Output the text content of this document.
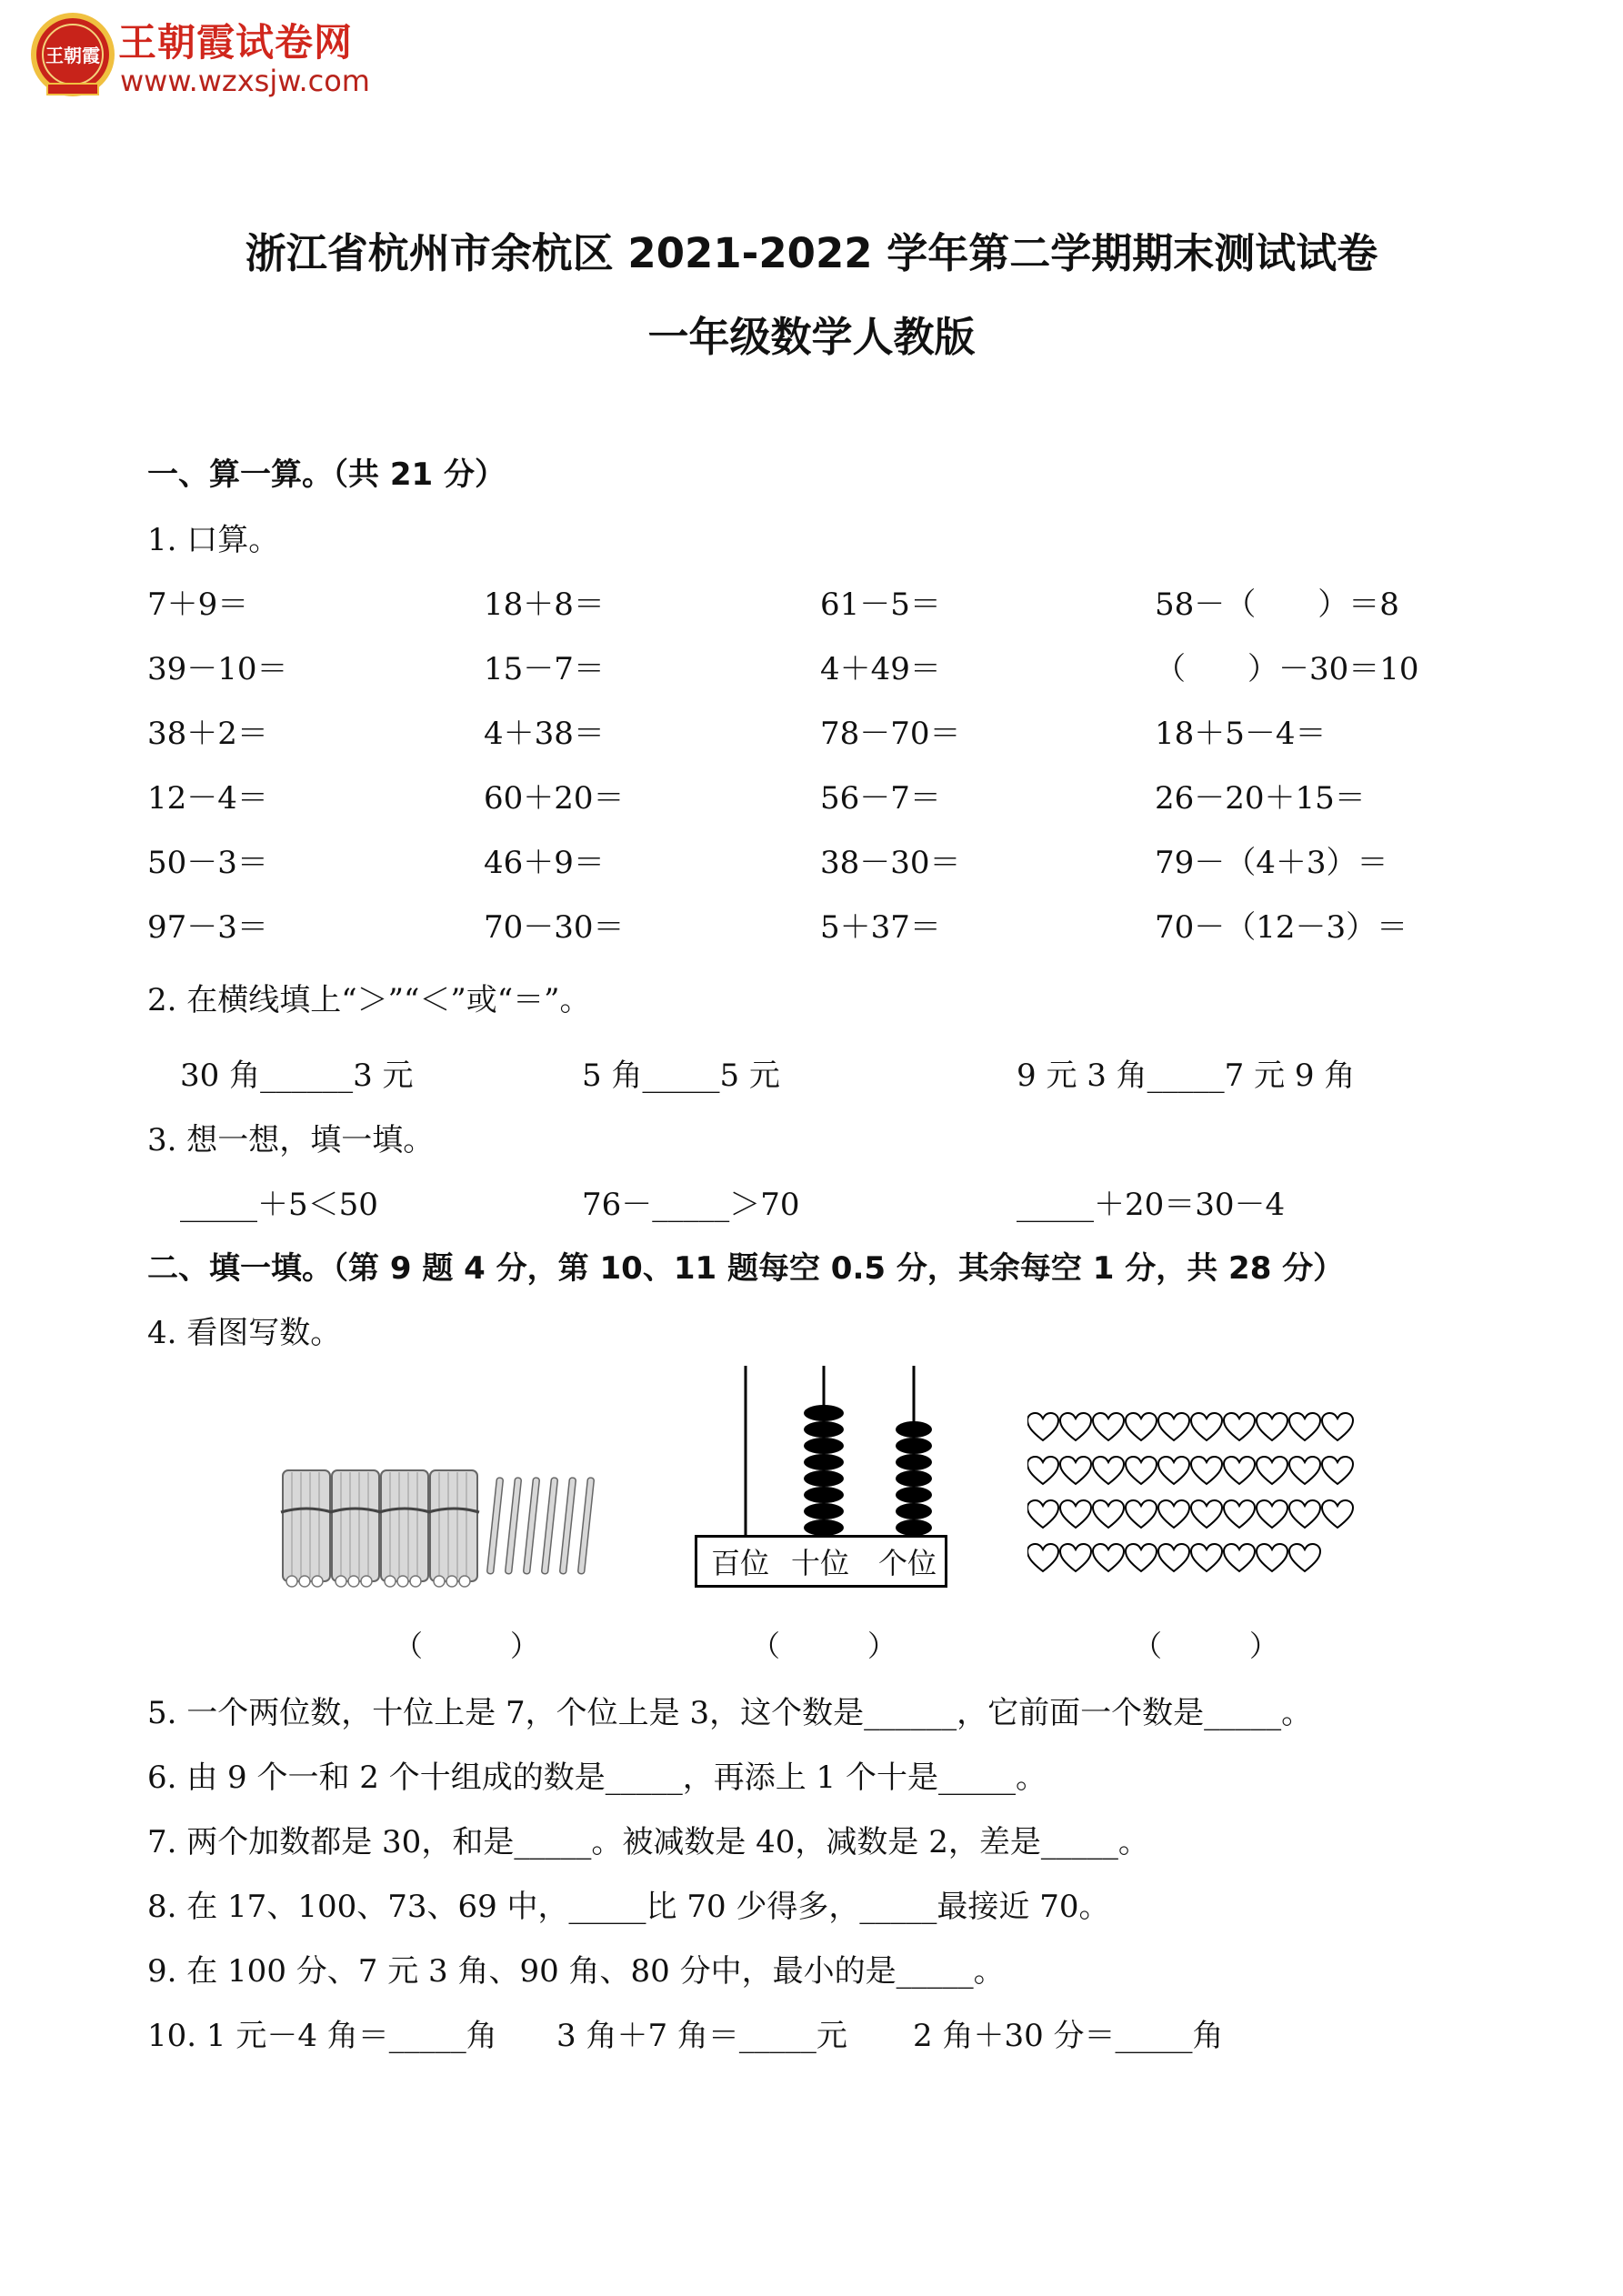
王朝霞 王朝霞试卷网
www.wzxsjw.com
浙江省杭州市余杭区 2021-2022 学年第二学期期末测试试卷
一年级数学人教版
一、算一算。（共 21 分）
1. 口算。
7＋9＝	18＋8＝	61－5＝	58－（　　）＝8
39－10＝	15－7＝	4＋49＝	（　　）－30＝10
38＋2＝	4＋38＝	78－70＝	18＋5－4＝
12－4＝	60＋20＝	56－7＝	26－20＋15＝
50－3＝	46＋9＝	38－30＝	79－（4＋3）＝
97－3＝	70－30＝	5＋37＝	70－（12－3）＝
2. 在横线填上“＞”“＜”或“＝”。
30 角______3 元	5 角_____5 元	9 元 3 角_____7 元 9 角
3. 想一想，填一填。
_____＋5＜50	76－_____＞70	_____＋20＝30－4
二、填一填。（第 9 题 4 分，第 10、11 题每空 0.5 分，其余每空 1 分，共 28 分）
4. 看图写数。
百位 十位 个位
（　　　）	（　　　）	（　　　）
5. 一个两位数，十位上是 7，个位上是 3，这个数是______，它前面一个数是_____。
6. 由 9 个一和 2 个十组成的数是_____，再添上 1 个十是_____。
7. 两个加数都是 30，和是_____。被减数是 40，减数是 2，差是_____。
8. 在 17、100、73、69 中，_____比 70 少得多，_____最接近 70。
9. 在 100 分、7 元 3 角、90 角、80 分中，最小的是_____。
10. 1 元－4 角＝_____角 3 角＋7 角＝_____元 2 角＋30 分＝_____角
